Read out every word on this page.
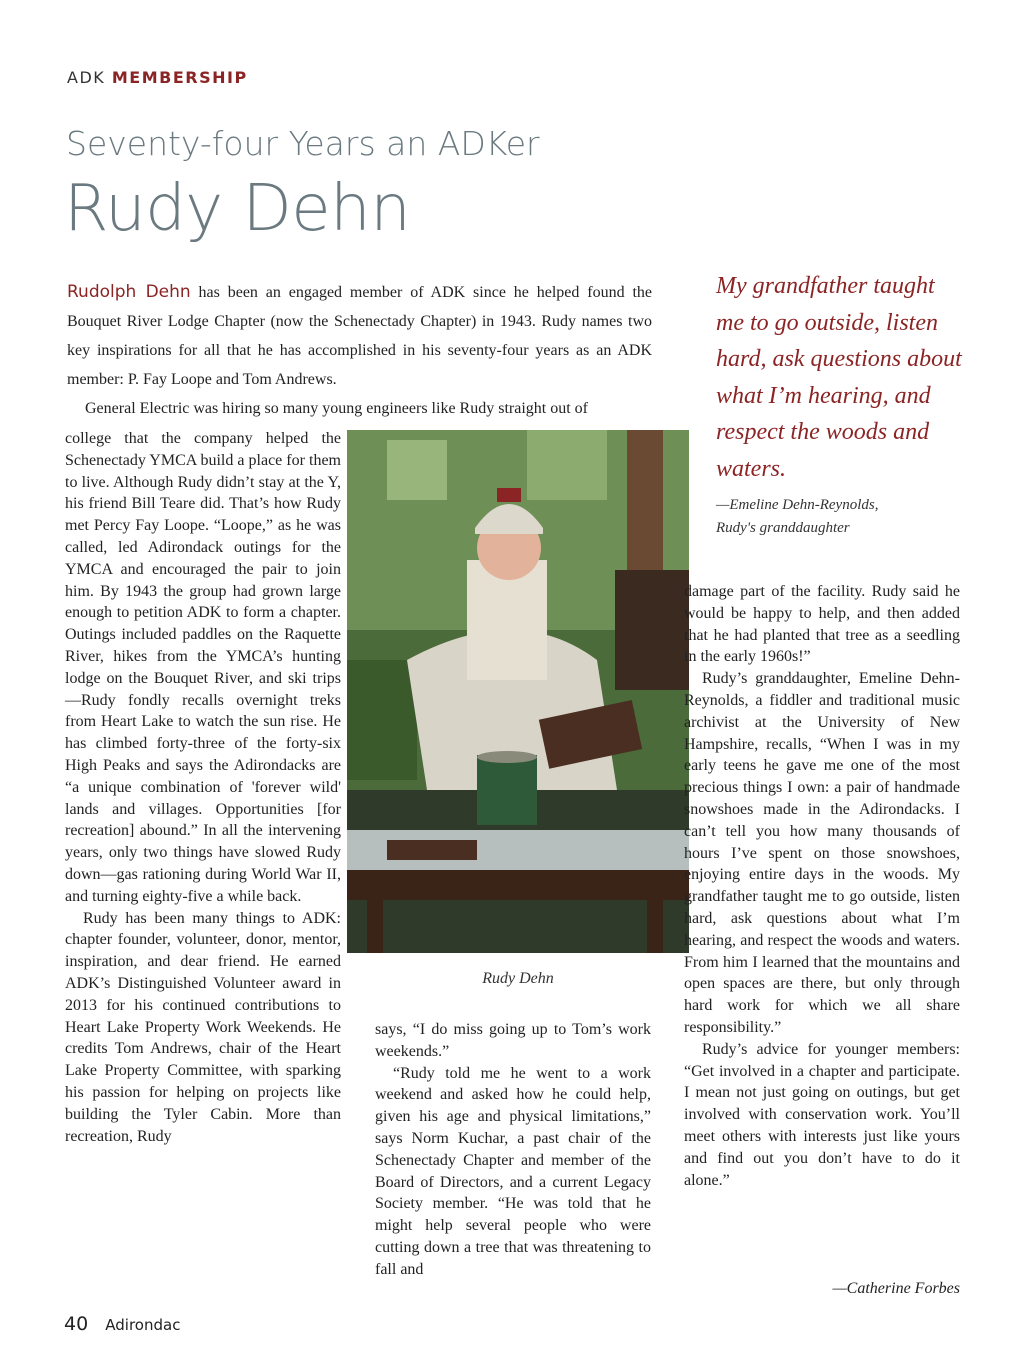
ADK MEMBERSHIP
Seventy-four Years an ADKer
Rudy Dehn

Rudolph Dehn has been an engaged member of ADK since he helped found the Bouquet River Lodge Chapter (now the Schenectady Chapter) in 1943. Rudy names two key inspirations for all that he has accomplished in his seventy-four years as an ADK member: P. Fay Loope and Tom Andrews.

General Electric was hiring so many young engineers like Rudy straight out of

college that the company helped the Schenectady YMCA build a place for them to live. Although Rudy didn’t stay at the Y, his friend Bill Teare did. That’s how Rudy met Percy Fay Loope. “Loope,” as he was called, led Adirondack outings for the YMCA and encouraged the pair to join him. By 1943 the group had grown large enough to petition ADK to form a chapter. Outings included paddles on the Raquette River, hikes from the YMCA’s hunting lodge on the Bouquet River, and ski trips—Rudy fondly recalls overnight treks from Heart Lake to watch the sun rise. He has climbed forty-three of the forty-six High Peaks and says the Adirondacks are “a unique combination of 'forever wild' lands and villages. Opportunities [for recreation] abound.” In all the intervening years, only two things have slowed Rudy down—gas rationing during World War II, and turning eighty-five a while back.

Rudy has been many things to ADK: chapter founder, volunteer, donor, mentor, inspiration, and dear friend. He earned ADK’s Distinguished Volunteer award in 2013 for his continued contributions to Heart Lake Property Work Weekends. He credits Tom Andrews, chair of the Heart Lake Property Committee, with sparking his passion for helping on projects like building the Tyler Cabin. More than recreation, Rudy

Rudy Dehn

says, “I do miss going up to Tom’s work weekends.”

“Rudy told me he went to a work weekend and asked how he could help, given his age and physical limitations,” says Norm Kuchar, a past chair of the Schenectady Chapter and member of the Board of Directors, and a current Legacy Society member. “He was told that he might help several people who were cutting down a tree that was threatening to fall and

My grandfather taught me to go outside, listen hard, ask questions about what I’m hearing, and respect the woods and waters.
—Emeline Dehn-Reynolds,
Rudy's granddaughter

damage part of the facility. Rudy said he would be happy to help, and then added that he had planted that tree as a seedling in the early 1960s!”

Rudy’s granddaughter, Emeline Dehn-Reynolds, a fiddler and traditional music archivist at the University of New Hampshire, recalls, “When I was in my early teens he gave me one of the most precious things I own: a pair of handmade snowshoes made in the Adirondacks. I can’t tell you how many thousands of hours I’ve spent on those snowshoes, enjoying entire days in the woods. My grandfather taught me to go outside, listen hard, ask questions about what I’m hearing, and respect the woods and waters. From him I learned that the mountains and open spaces are there, but only through hard work for which we all share responsibility.”

Rudy’s advice for younger members: “Get involved in a chapter and participate. I mean not just going on outings, but get involved with conservation work. You’ll meet others with interests just like yours and find out you don’t have to do it alone.”

—Catherine Forbes
40 Adirondac
